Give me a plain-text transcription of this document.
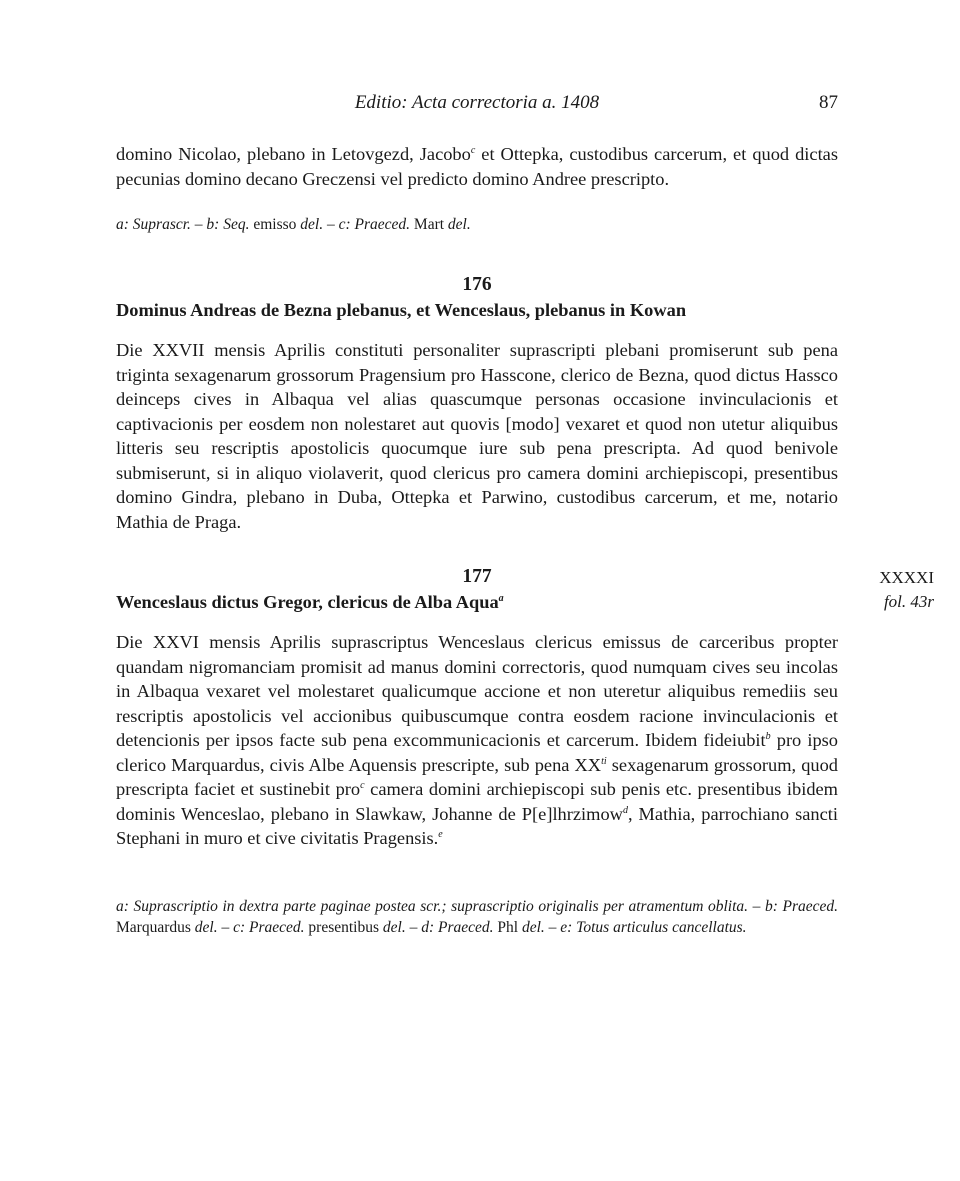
Editio: Acta correctoria a. 1408	87

domino Nicolao, plebano in Letovgezd, Jacobo$^c$ et Ottepka, custodibus carcerum, et quod dictas pecunias domino decano Greczensi vel predicto domino Andree prescripto.

a: Suprascr. – b: Seq. emisso del. – c: Praeced. Mart del.

176
Dominus Andreas de Bezna plebanus, et Wenceslaus, plebanus in Kowan

Die XXVII mensis Aprilis constituti personaliter suprascripti plebani promiserunt sub pena triginta sexagenarum grossorum Pragensium pro Hasscone, clerico de Bezna, quod dictus Hassco deinceps cives in Albaqua vel alias quascumque personas occasione invinculacionis et captivacionis per eosdem non nolestaret aut quovis [modo] vexaret et quod non utetur aliquibus litteris seu rescriptis apostolicis quocumque iure sub pena prescripta. Ad quod benivole submiserunt, si in aliquo violaverit, quod clericus pro camera domini archiepiscopi, presentibus domino Gindra, plebano in Duba, Ottepka et Parwino, custodibus carcerum, et me, notario Mathia de Praga.

177
Wenceslaus dictus Gregor, clericus de Alba Aqua$^a$
XXXXI
fol. 43r

Die XXVI mensis Aprilis suprascriptus Wenceslaus clericus emissus de carceribus propter quandam nigromanciam promisit ad manus domini correctoris, quod numquam cives seu incolas in Albaqua vexaret vel molestaret qualicumque accione et non uteretur aliquibus remediis seu rescriptis apostolicis vel accionibus quibuscumque contra eosdem racione invinculacionis et detencionis per ipsos facte sub pena excommunicacionis et carcerum. Ibidem fideiubit$^b$ pro ipso clerico Marquardus, civis Albe Aquensis prescripte, sub pena $XX^{ti}$ sexagenarum grossorum, quod prescripta faciet et sustinebit pro$^c$ camera domini archiepiscopi sub penis etc. presentibus ibidem dominis Wenceslao, plebano in Slawkaw, Johanne de P[e]lhrzimow$^d$, Mathia, parrochiano sancti Stephani in muro et cive civitatis Pragensis.$^e$

a: Suprascriptio in dextra parte paginae postea scr.; suprascriptio originalis per atramentum oblita. – b: Praeced. Marquardus del. – c: Praeced. presentibus del. – d: Praeced. Phl del. – e: Totus articulus cancellatus.
